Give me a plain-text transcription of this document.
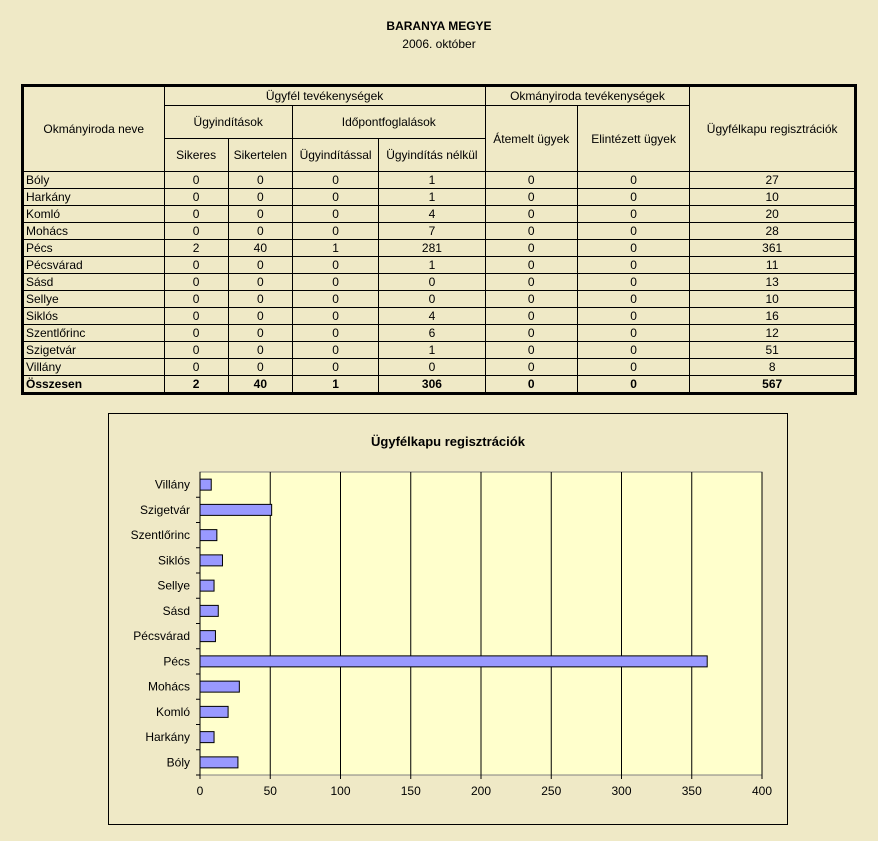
BARANYA MEGYE
2006. október
Okmányiroda neve	Ügyfél tevékenységek				Okmányiroda tevékenységek		Ügyfélkapu regisztrációk
	Ügyindítások		Időpontfoglalások		Átemelt ügyek	Elintézett ügyek	
	Sikeres	Sikertelen	Ügyindítással	Ügyindítás nélkül			
Bóly	0	0	0	1	0	0	27
Harkány	0	0	0	1	0	0	10
Komló	0	0	0	4	0	0	20
Mohács	0	0	0	7	0	0	28
Pécs	2	40	1	281	0	0	361
Pécsvárad	0	0	0	1	0	0	11
Sásd	0	0	0	0	0	0	13
Sellye	0	0	0	0	0	0	10
Siklós	0	0	0	4	0	0	16
Szentlőrinc	0	0	0	6	0	0	12
Szigetvár	0	0	0	1	0	0	51
Villány	0	0	0	0	0	0	8
Összesen	2	40	1	306	0	0	567
Ügyfélkapu regisztrációk
0	50	100	150	200	250	300	350	400
Bóly
Harkány
Komló
Mohács
Pécs
Pécsvárad
Sásd
Sellye
Siklós
Szentlőrinc
Szigetvár
Villány
